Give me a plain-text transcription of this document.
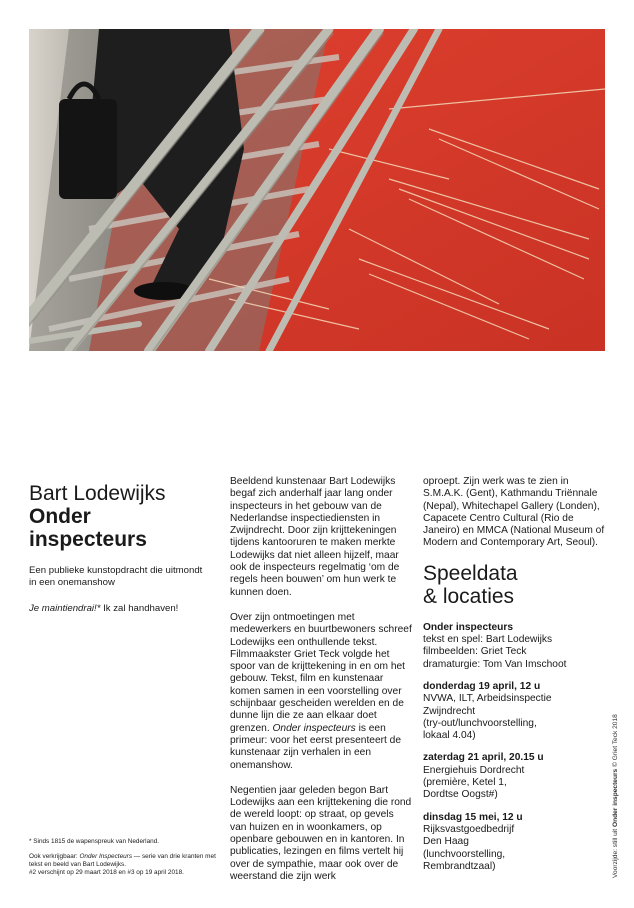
Bart Lodewijks
Onder
inspecteurs
Een publieke kunstopdracht die uitmondt in een onemanshow
Je maintiendrai!* Ik zal handhaven!
* Sinds 1815 de wapenspreuk van Nederland.
Ook verkrijgbaar: Onder Inspecteurs — serie van drie kranten met tekst en beeld van Bart Lodewijks.
#2 verschijnt op 29 maart 2018 en #3 op 19 april 2018.

Beeldend kunstenaar Bart Lodewijks begaf zich anderhalf jaar lang onder inspecteurs in het gebouw van de Nederlandse inspectiediensten in Zwijndrecht. Door zijn krijttekeningen tijdens kantooruren te maken merkte Lodewijks dat niet alleen hijzelf, maar ook de inspecteurs regelmatig ‘om de regels heen bouwen’ om hun werk te kunnen doen.

Over zijn ontmoetingen met medewerkers en buurtbewoners schreef Lodewijks een onthullende tekst. Filmmaakster Griet Teck volgde het spoor van de krijttekening in en om het gebouw. Tekst, film en kunstenaar komen samen in een voorstelling over schijnbaar gescheiden werelden en de dunne lijn die ze aan elkaar doet grenzen. Onder inspecteurs is een primeur: voor het eerst presenteert de kunstenaar zijn verhalen in een onemanshow.

Negentien jaar geleden begon Bart Lodewijks aan een krijttekening die rond de wereld loopt: op straat, op gevels van huizen en in woonkamers, op openbare gebouwen en in kantoren. In publicaties, lezingen en films vertelt hij over de sympathie, maar ook over de weerstand die zijn werk

oproept. Zijn werk was te zien in S.M.A.K. (Gent), Kathmandu Triënnale (Nepal), Whitechapel Gallery (Londen), Capacete Centro Cultural (Rio de Janeiro) en MMCA (National Museum of Modern and Contemporary Art, Seoul).

Speeldata
& locaties
Onder inspecteurs
tekst en spel: Bart Lodewijks
filmbeelden: Griet Teck
dramaturgie: Tom Van Imschoot
donderdag 19 april, 12 u
NVWA, ILT, Arbeidsinspectie
Zwijndrecht
(try-out/lunchvoorstelling,
lokaal 4.04)
zaterdag 21 april, 20.15 u
Energiehuis Dordrecht
(première, Ketel 1,
Dordtse Oogst#)
dinsdag 15 mei, 12 u
Rijksvastgoedbedrijf
Den Haag
(lunchvoorstelling,
Rembrandtzaal)	Voorzijde: still uit Onder inspecteurs © Griet Teck 2018
